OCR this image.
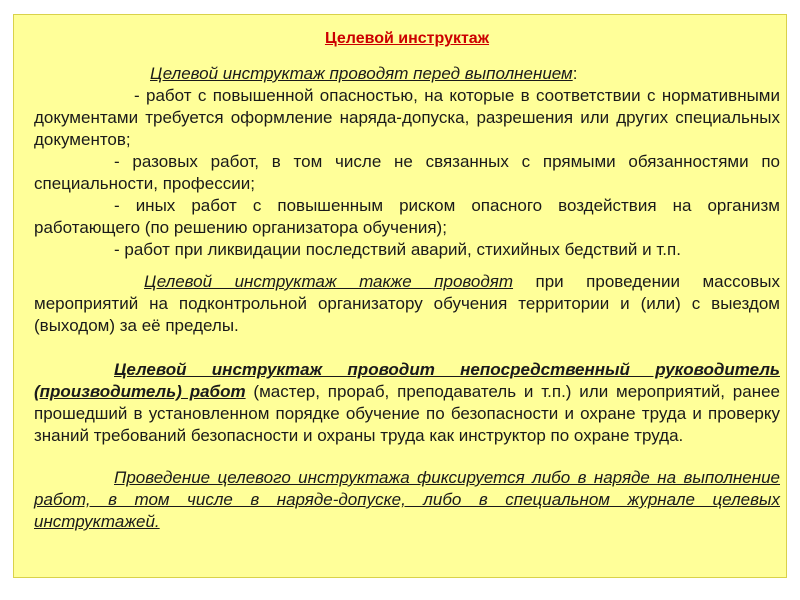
Целевой инструктаж

Целевой инструктаж проводят перед выполнением:

- работ с повышенной опасностью, на которые в соответствии с нормативными документами требуется оформление наряда-допуска, разрешения или других специальных документов;

- разовых работ, в том числе не связанных с прямыми обязанностями по специальности, профессии;

- иных работ с повышенным риском опасного воздействия на организм работающего (по решению организатора обучения);

- работ при ликвидации последствий аварий, стихийных бедствий и т.п.

Целевой инструктаж также проводят при проведении массовых мероприятий на подконтрольной организатору обучения территории и (или) с выездом (выходом) за её пределы.

Целевой инструктаж проводит непосредственный руководитель (производитель) работ (мастер, прораб, преподаватель и т.п.) или мероприятий, ранее прошедший в установленном порядке обучение по безопасности и охране труда и проверку знаний требований безопасности и охраны труда как инструктор по охране труда.

Проведение целевого инструктажа фиксируется либо в наряде на выполнение работ, в том числе в наряде-допуске, либо в специальном журнале целевых инструктажей.
